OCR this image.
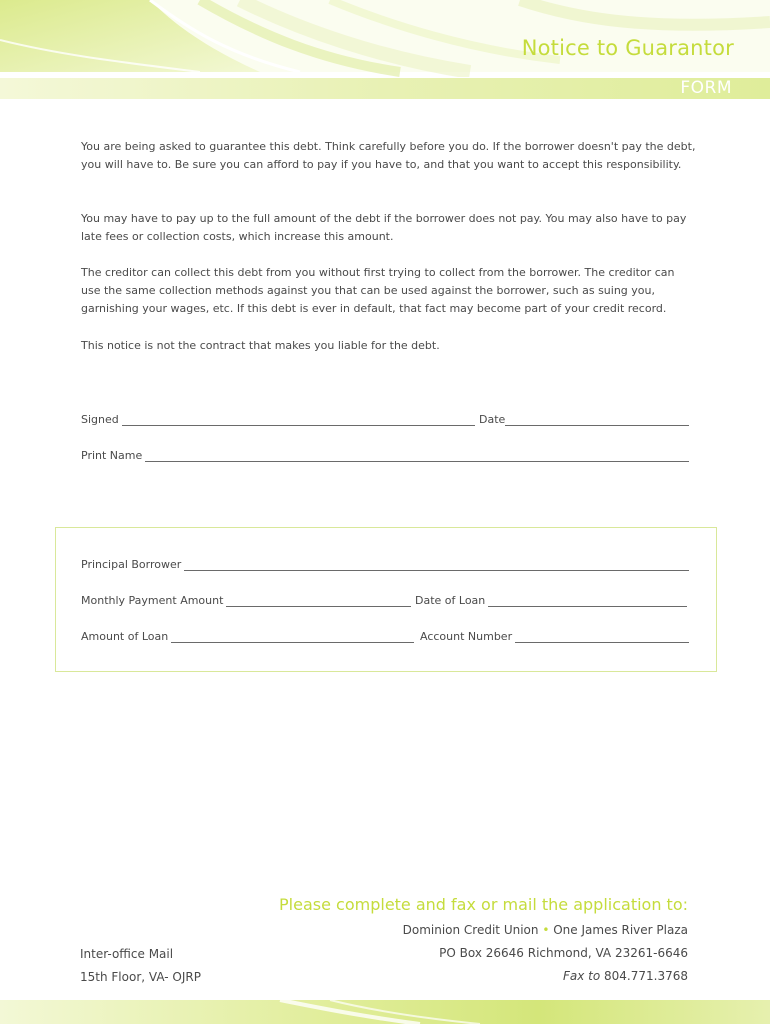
Notice to Guarantor
FORM
You are being asked to guarantee this debt. Think carefully before you do. If the borrower doesn't pay the debt, you will have to. Be sure you can afford to pay if you have to, and that you want to accept this responsibility.
You may have to pay up to the full amount of the debt if the borrower does not pay. You may also have to pay late fees or collection costs, which increase this amount.
The creditor can collect this debt from you without first trying to collect from the borrower. The creditor can use the same collection methods against you that can be used against the borrower, such as suing you, garnishing your wages, etc. If this debt is ever in default, that fact may become part of your credit record.
This notice is not the contract that makes you liable for the debt.
Signed	Date
Print Name
Principal Borrower
Monthly Payment Amount	Date of Loan
Amount of Loan	Account Number
Please complete and fax or mail the application to:
Dominion Credit Union • One James River Plaza
PO Box 26646 Richmond, VA 23261-6646
Fax to 804.771.3768
Inter-office Mail
15th Floor, VA- OJRP
